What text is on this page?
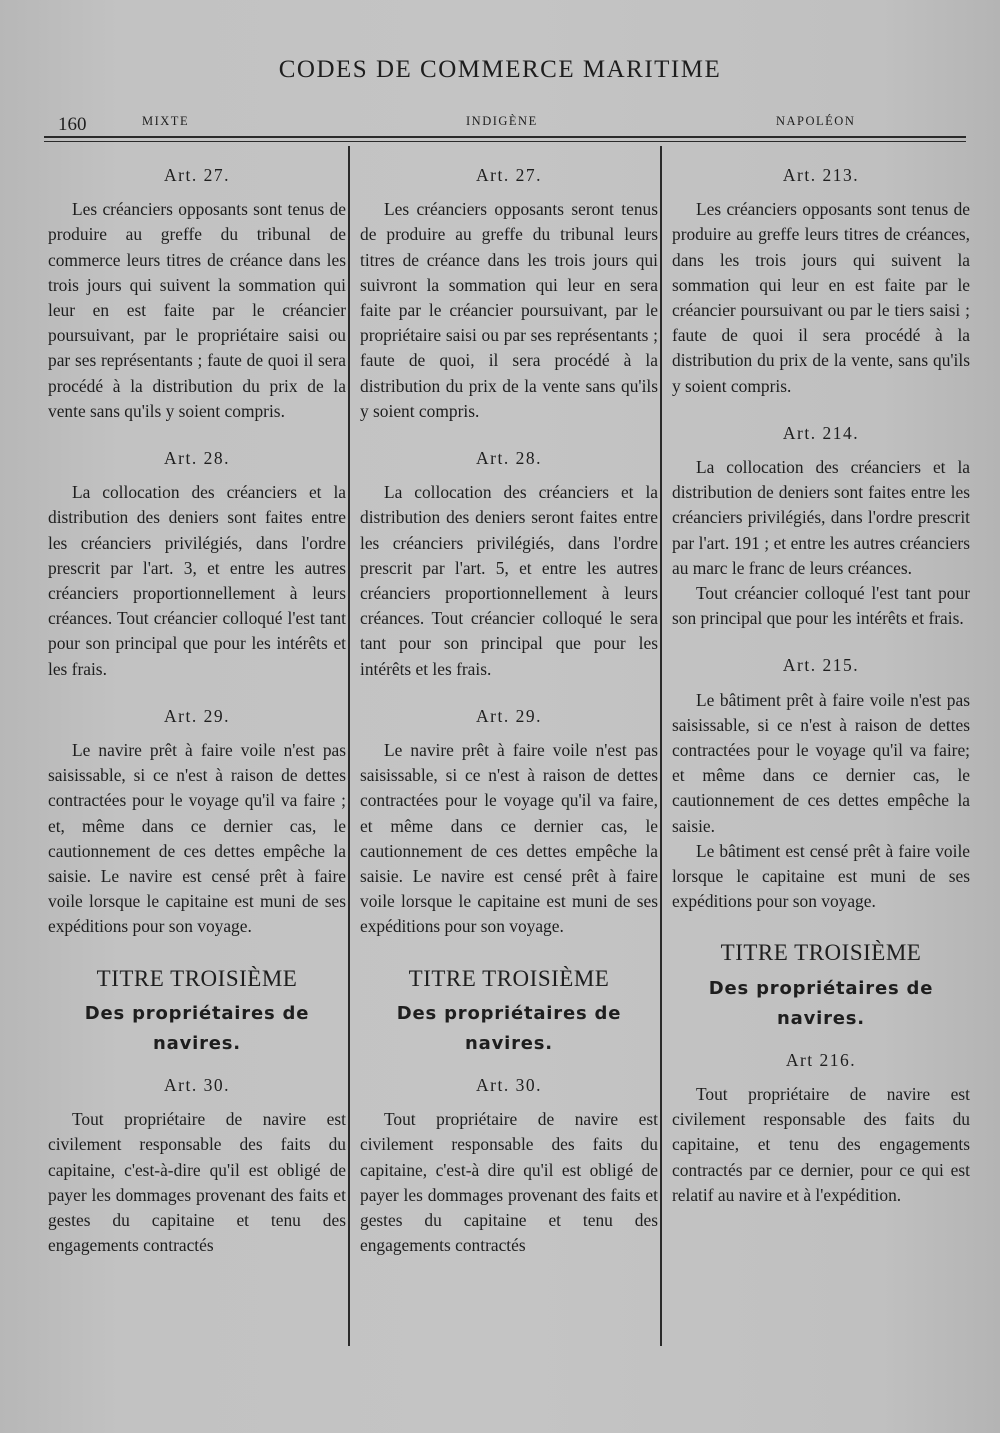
CODES DE COMMERCE MARITIME
160	MIXTE	INDIGÈNE	NAPOLÉON
Art. 27.

Les créanciers opposants sont tenus de produire au greffe du tribunal de commerce leurs titres de créance dans les trois jours qui suivent la sommation qui leur en est faite par le créancier poursuivant, par le propriétaire saisi ou par ses représentants ; faute de quoi il sera procédé à la distribution du prix de la vente sans qu'ils y soient compris.

Art. 28.

La collocation des créanciers et la distribution des deniers sont faites entre les créanciers privilégiés, dans l'ordre prescrit par l'art. 3, et entre les autres créanciers proportionnellement à leurs créances. Tout créancier colloqué l'est tant pour son principal que pour les intérêts et les frais.

Art. 29.

Le navire prêt à faire voile n'est pas saisissable, si ce n'est à raison de dettes contractées pour le voyage qu'il va faire ; et, même dans ce dernier cas, le cautionnement de ces dettes empêche la saisie. Le navire est censé prêt à faire voile lorsque le capitaine est muni de ses expéditions pour son voyage.

TITRE TROISIÈME
Des propriétaires de navires.
Art. 30.

Tout propriétaire de navire est civilement responsable des faits du capitaine, c'est-à-dire qu'il est obligé de payer les dommages provenant des faits et gestes du capitaine et tenu des engagements contractés

Art. 27.

Les créanciers opposants seront tenus de produire au greffe du tribunal leurs titres de créance dans les trois jours qui suivront la sommation qui leur en sera faite par le créancier poursuivant, par le propriétaire saisi ou par ses représentants ; faute de quoi, il sera procédé à la distribution du prix de la vente sans qu'ils y soient compris.

Art. 28.

La collocation des créanciers et la distribution des deniers seront faites entre les créanciers privilégiés, dans l'ordre prescrit par l'art. 5, et entre les autres créanciers proportionnellement à leurs créances. Tout créancier colloqué le sera tant pour son principal que pour les intérêts et les frais.

Art. 29.

Le navire prêt à faire voile n'est pas saisissable, si ce n'est à raison de dettes contractées pour le voyage qu'il va faire, et même dans ce dernier cas, le cautionnement de ces dettes empêche la saisie. Le navire est censé prêt à faire voile lorsque le capitaine est muni de ses expéditions pour son voyage.

TITRE TROISIÈME
Des propriétaires de navires.
Art. 30.

Tout propriétaire de navire est civilement responsable des faits du capitaine, c'est-à dire qu'il est obligé de payer les dommages provenant des faits et gestes du capitaine et tenu des engagements contractés

Art. 213.

Les créanciers opposants sont tenus de produire au greffe leurs titres de créances, dans les trois jours qui suivent la sommation qui leur en est faite par le créancier poursuivant ou par le tiers saisi ; faute de quoi il sera procédé à la distribution du prix de la vente, sans qu'ils y soient compris.

Art. 214.

La collocation des créanciers et la distribution de deniers sont faites entre les créanciers privilégiés, dans l'ordre prescrit par l'art. 191 ; et entre les autres créanciers au marc le franc de leurs créances.

Tout créancier colloqué l'est tant pour son principal que pour les intérêts et frais.

Art. 215.

Le bâtiment prêt à faire voile n'est pas saisissable, si ce n'est à raison de dettes contractées pour le voyage qu'il va faire; et même dans ce dernier cas, le cautionnement de ces dettes empêche la saisie.

Le bâtiment est censé prêt à faire voile lorsque le capitaine est muni de ses expéditions pour son voyage.

TITRE TROISIÈME
Des propriétaires de navires.
Art 216.

Tout propriétaire de navire est civilement responsable des faits du capitaine, et tenu des engagements contractés par ce dernier, pour ce qui est relatif au navire et à l'expédition.
